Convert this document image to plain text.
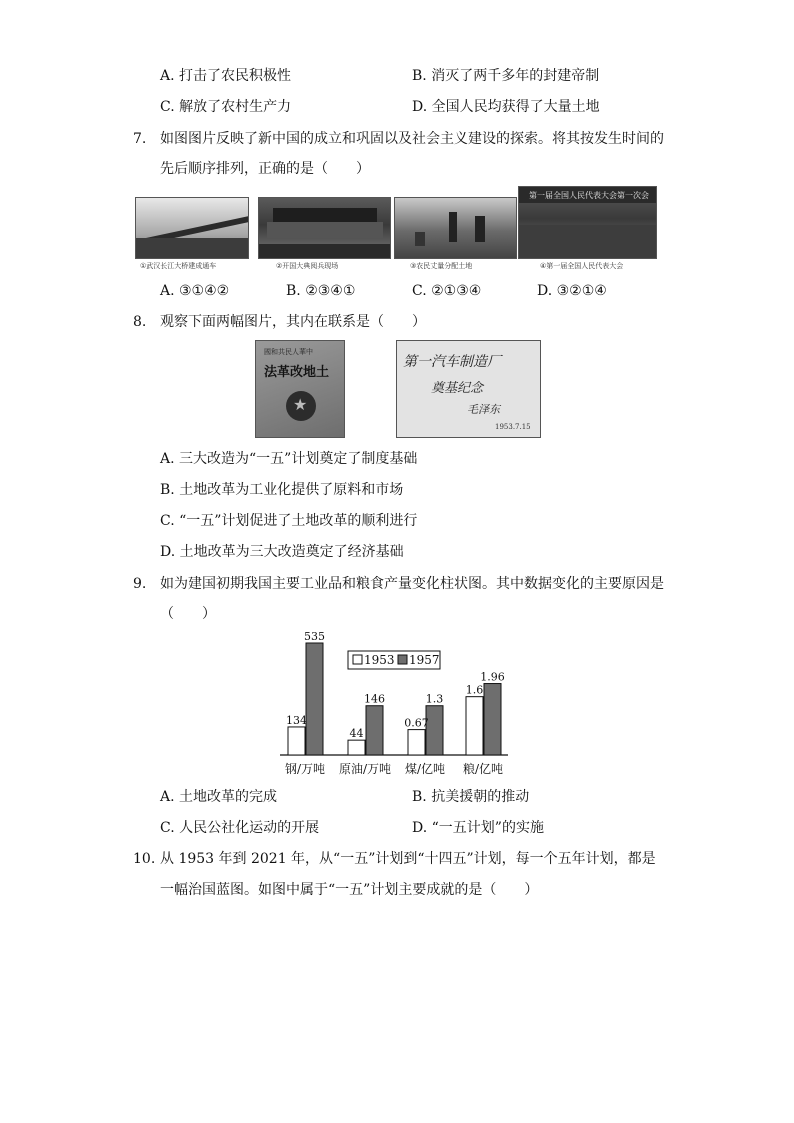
A. 打击了农民积极性	B. 消灭了两千多年的封建帝制
C. 解放了农村生产力	D. 全国人民均获得了大量土地
7. 如图图片反映了新中国的成立和巩固以及社会主义建设的探索。将其按发生时间的
先后顺序排列，正确的是（　　）
第一届全国人民代表大会第一次会
①武汉长江大桥建成通车	②开国大典阅兵现场	③农民丈量分配土地	④第一届全国人民代表大会
A. ③①④②	B. ②③④①	C. ②①③④	D. ③②①④
8. 观察下面两幅图片，其内在联系是（　　）
國和共民人華中
法革改地土
★
第一汽车制造厂
奠基纪念
毛泽东
1953.7.15
A. 三大改造为“一五”计划奠定了制度基础
B. 土地改革为工业化提供了原料和市场
C. “一五”计划促进了土地改革的顺利进行
D. 土地改革为三大改造奠定了经济基础
9. 如为建国初期我国主要工业品和粮食产量变化柱状图。其中数据变化的主要原因是
（　　）
134
535
钢/万吨
44
146
原油/万吨
0.67
1.3
煤/亿吨
1.6
1.96
粮/亿吨
1953 1957
A. 土地改革的完成	B. 抗美援朝的推动
C. 人民公社化运动的开展	D. “一五计划”的实施
10. 从 1953 年到 2021 年，从“一五”计划到“十四五”计划，每一个五年计划，都是
一幅治国蓝图。如图中属于“一五”计划主要成就的是（　　）
